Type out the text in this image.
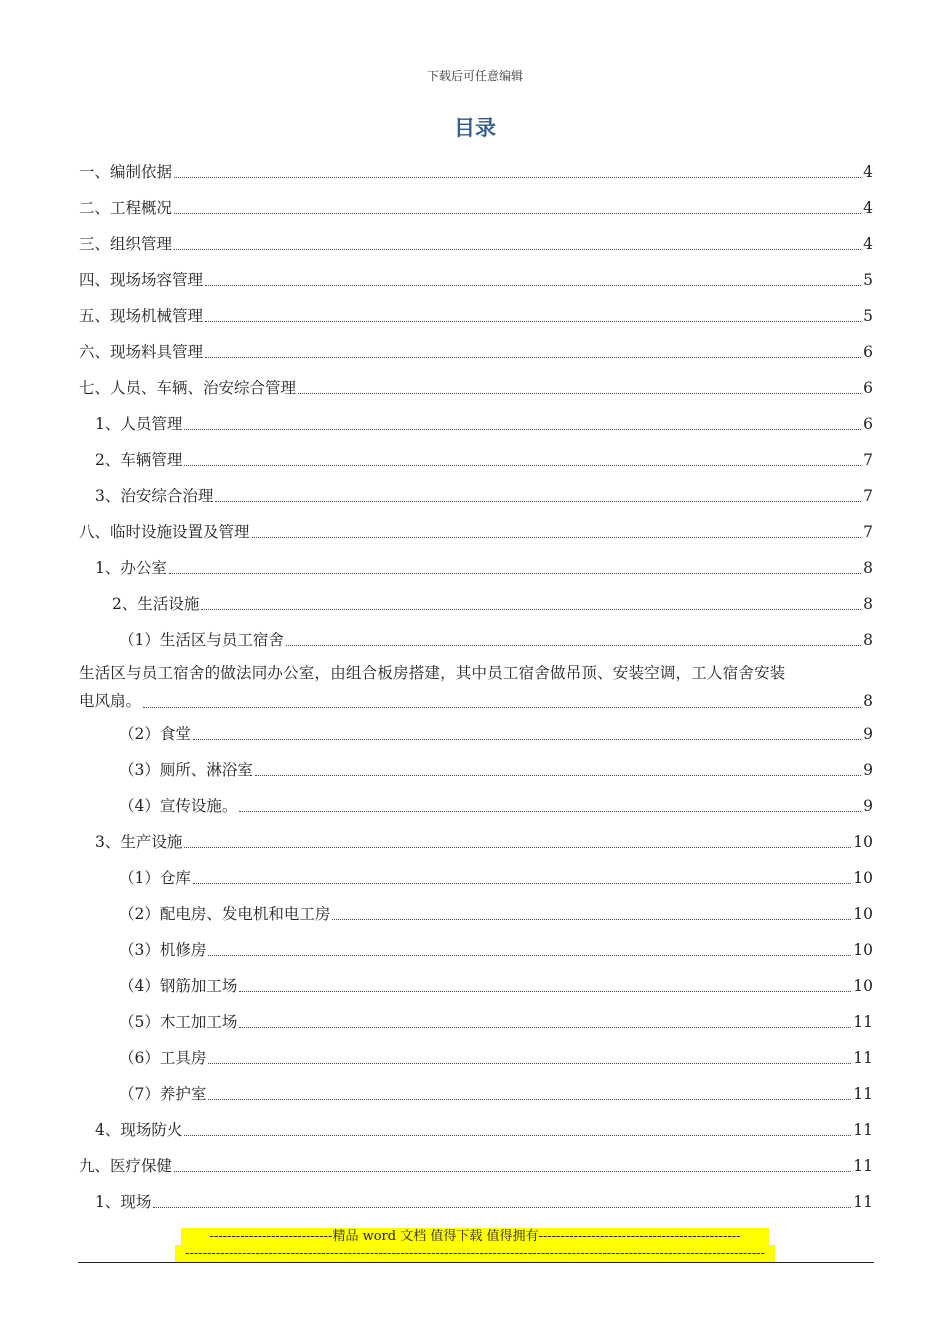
下载后可任意编辑
目录
一、编制依据	4
二、工程概况	4
三、组织管理	4
四、现场场容管理	5
五、现场机械管理	5
六、现场料具管理	6
七、人员、车辆、治安综合管理	6
1、人员管理	6
2、车辆管理	7
3、治安综合治理	7
八、临时设施设置及管理	7
1、办公室	8
2、生活设施	8
（1）生活区与员工宿舍	8
生活区与员工宿舍的做法同办公室，由组合板房搭建，其中员工宿舍做吊顶、安装空调，工人宿舍安装
电风扇。	8
（2）食堂	9
（3）厕所、淋浴室	9
（4）宣传设施。	9
3、生产设施	10
（1）仓库	10
（2）配电房、发电机和电工房	10
（3）机修房	10
（4）钢筋加工场	10
（5）木工加工场	11
（6）工具房	11
（7）养护室	11
4、现场防火	11
九、医疗保健	11
1、现场	11
----------------------------精品 word 文档 值得下载 值得拥有----------------------------------------------
------------------------------------------------------------------------------------------------------------------------------------
